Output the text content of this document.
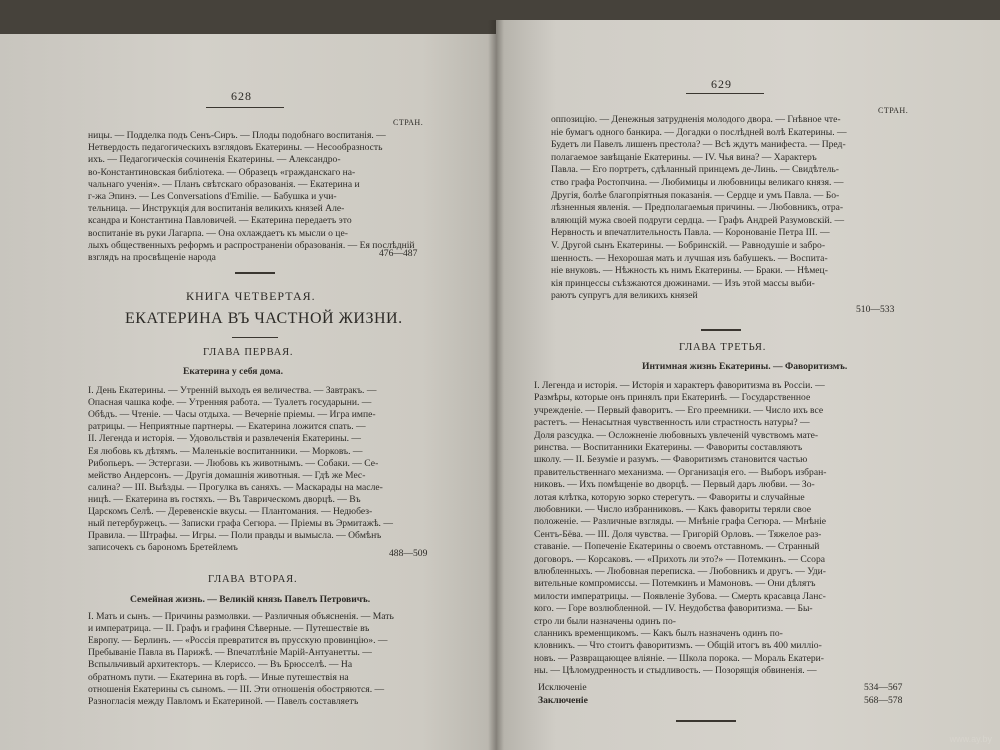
628
СТРАН.
ницы. — Подделка подъ Сенъ-Сиръ. — Плоды подобнаго воспитанія. —
Нетвердость педагогическихъ взглядовъ Екатерины. — Несообразность
ихъ. — Педагогическія сочиненія Екатерины. — Александро-
во-Константиновская библіотека. — Образецъ «гражданскаго на-
чальнаго ученія». — Планъ свѣтскаго образованія. — Екатерина и
г-жа Эпинэ. — Les Conversations d'Emilie. — Бабушка и учи-
тельница. — Инструкція для воспитанія великихъ князей Але-
ксандра и Константина Павловичей. — Екатерина передаетъ это
воспитаніе въ руки Лагарпа. — Она охлаждаетъ къ мысли о це-
лыхъ общественныхъ реформъ и распространеніи образованія. — Ея послѣдній
взглядъ на просвѣщеніе народа	476—487
КНИГА ЧЕТВЕРТАЯ.
ЕКАТЕРИНА ВЪ ЧАСТНОЙ ЖИЗНИ.
ГЛАВА ПЕРВАЯ.
Екатерина у себя дома.
I. День Екатерины. — Утренній выходъ ея величества. — Завтракъ. —
Опасная чашка кофе. — Утренняя работа. — Туалетъ государыни. —
Обѣдъ. — Чтеніе. — Часы отдыха. — Вечерніе пріемы. — Игра импе-
ратрицы. — Неприятные партнеры. — Екатерина ложится спать. —
II. Легенда и исторія. — Удовольствія и развлеченія Екатерины. —
Ея любовь къ дѣтямъ. — Маленькіе воспитанники. — Морковъ. —
Рибопьеръ. — Эстергази. — Любовь къ животнымъ. — Собаки. — Се-
мейство Андерсонъ. — Другія домашнія животныя. — Гдѣ же Мес-
салина? — III. Выѣзды. — Прогулка въ саняхъ. — Маскарады на масле-
ницѣ. — Екатерина въ гостяхъ. — Въ Таврическомъ дворцѣ. — Въ
Царскомъ Селѣ. — Деревенскіе вкусы. — Плантомания. — Недюбез-
ный петербуржецъ. — Записки графа Сегюра. — Пріемы въ Эрмитажѣ. —
Правила. — Штрафы. — Игры. — Поли правды и вымысла. — Обмѣнъ
записочекъ съ барономъ Бретейлемъ
488—509
ГЛАВА ВТОРАЯ.
Семейная жизнь. — Великій князь Павелъ Петровичъ.
I. Мать и сынъ. — Причины размолвки. — Различныя объясненія. — Мать
и императрица. — II. Графъ и графиня Сѣверные. — Путешествіе въ
Европу. — Берлинъ. — «Россія превратится въ прусскую провинцію». —
Пребываніе Павла въ Парижѣ. — Впечатлѣніе Марій-Антуанетты. —
Вспыльчивый архитекторъ. — Клериссо. — Въ Брюсселѣ. — На
обратномъ пути. — Екатерина въ горѣ. — Иные путешествія на
отношенія Екатерины съ сыномъ. — III. Эти отношенія обостряются. —
Разногласія между Павломъ и Екатериной. — Павелъ составляетъ
629
СТРАН.
оппозицію. — Денежныя затрудненія молодого двора. — Гнѣвное чте-
ніе бумагъ одного банкира. — Догадки о послѣдней волѣ Екатерины. —
Будетъ ли Павелъ лишенъ престола? — Всѣ ждутъ манифеста. — Пред-
полагаемое завѣщаніе Екатерины. — IV. Чья вина? — Характеръ
Павла. — Его портретъ, сдѣланный принцемъ де-Линь. — Свидѣтель-
ство графа Ростопчина. — Любимицы и любовницы великаго князя. —
Другія, болѣе благопріятныя показанія. — Сердце и умъ Павла. — Бо-
лѣзненныя явленія. — Предполагаемыя причины. — Любовникъ, отра-
вляющій мужа своей подруги сердца. — Графъ Андрей Разумовскій. —
Нервность и впечатлительность Павла. — Коронованіе Петра III. —
V. Другой сынъ Екатерины. — Бобринскій. — Равнодушіе и забро-
шенность. — Нехорошая мать и лучшая изъ бабушекъ. — Воспита-
ніе внуковъ. — Нѣжность къ нимъ Екатерины. — Браки. — Нѣмец-
кія принцессы съѣзжаются дюжинами. — Изъ этой массы выби-
раютъ супругъ для великихъ князей
510—533
ГЛАВА ТРЕТЬЯ.
Интимная жизнь Екатерины. — Фаворитизмъ.
I. Легенда и исторія. — Исторія и характеръ фаворитизма въ Россіи. —
Размѣры, которые онъ принялъ при Екатеринѣ. — Государственное
учрежденіе. — Первый фаворитъ. — Его преемники. — Число ихъ все
растетъ. — Ненасытная чувственность или страстность натуры? —
Доля разсудка. — Осложненіе любовныхъ увлеченій чувствомъ мате-
ринства. — Воспитанники Екатерины. — Фавориты составляютъ
школу. — II. Безуміе и разумъ. — Фаворитизмъ становится частью
правительственнаго механизма. — Организація его. — Выборъ избран-
никовъ. — Ихъ помѣщеніе во дворцѣ. — Первый даръ любви. — Зо-
лотая клѣтка, которую зорко стерегутъ. — Фавориты и случайные
любовники. — Число избранниковъ. — Какъ фавориты теряли свое
положеніе. — Различные взгляды. — Мнѣніе графа Сегюра. — Мнѣніе
Сентъ-Бёва. — III. Доля чувства. — Григорій Орловъ. — Тяжелое раз-
ставаніе. — Попеченіе Екатерины о своемъ отставномъ. — Странный
договоръ. — Корсаковъ. — «Прихоть ли это?» — Потемкинъ. — Ссора
влюбленныхъ. — Любовная переписка. — Любовникъ и другъ. — Уди-
вительные компромиссы. — Потемкинъ и Мамоновъ. — Они дѣлятъ
милости императрицы. — Появленіе Зубова. — Смерть красавца Ланс-
кого. — Горе возлюбленной. — IV. Неудобства фаворитизма. — Бы-
стро ли были назначены одинъ по-
сланникъ временщикомъ. — Какъ былъ назначенъ одинъ по-
кловникъ. — Что стоитъ фаворитизмъ. — Общій итогъ въ 400 милліо-
новъ. — Развращающее вліяніе. — Школа порока. — Мораль Екатери-
ны. — Цѣломудренность и стыдливость. — Позорящія обвиненія. —
Исключеніе	534—567
Заключеніе	568—578
www.ay.by
